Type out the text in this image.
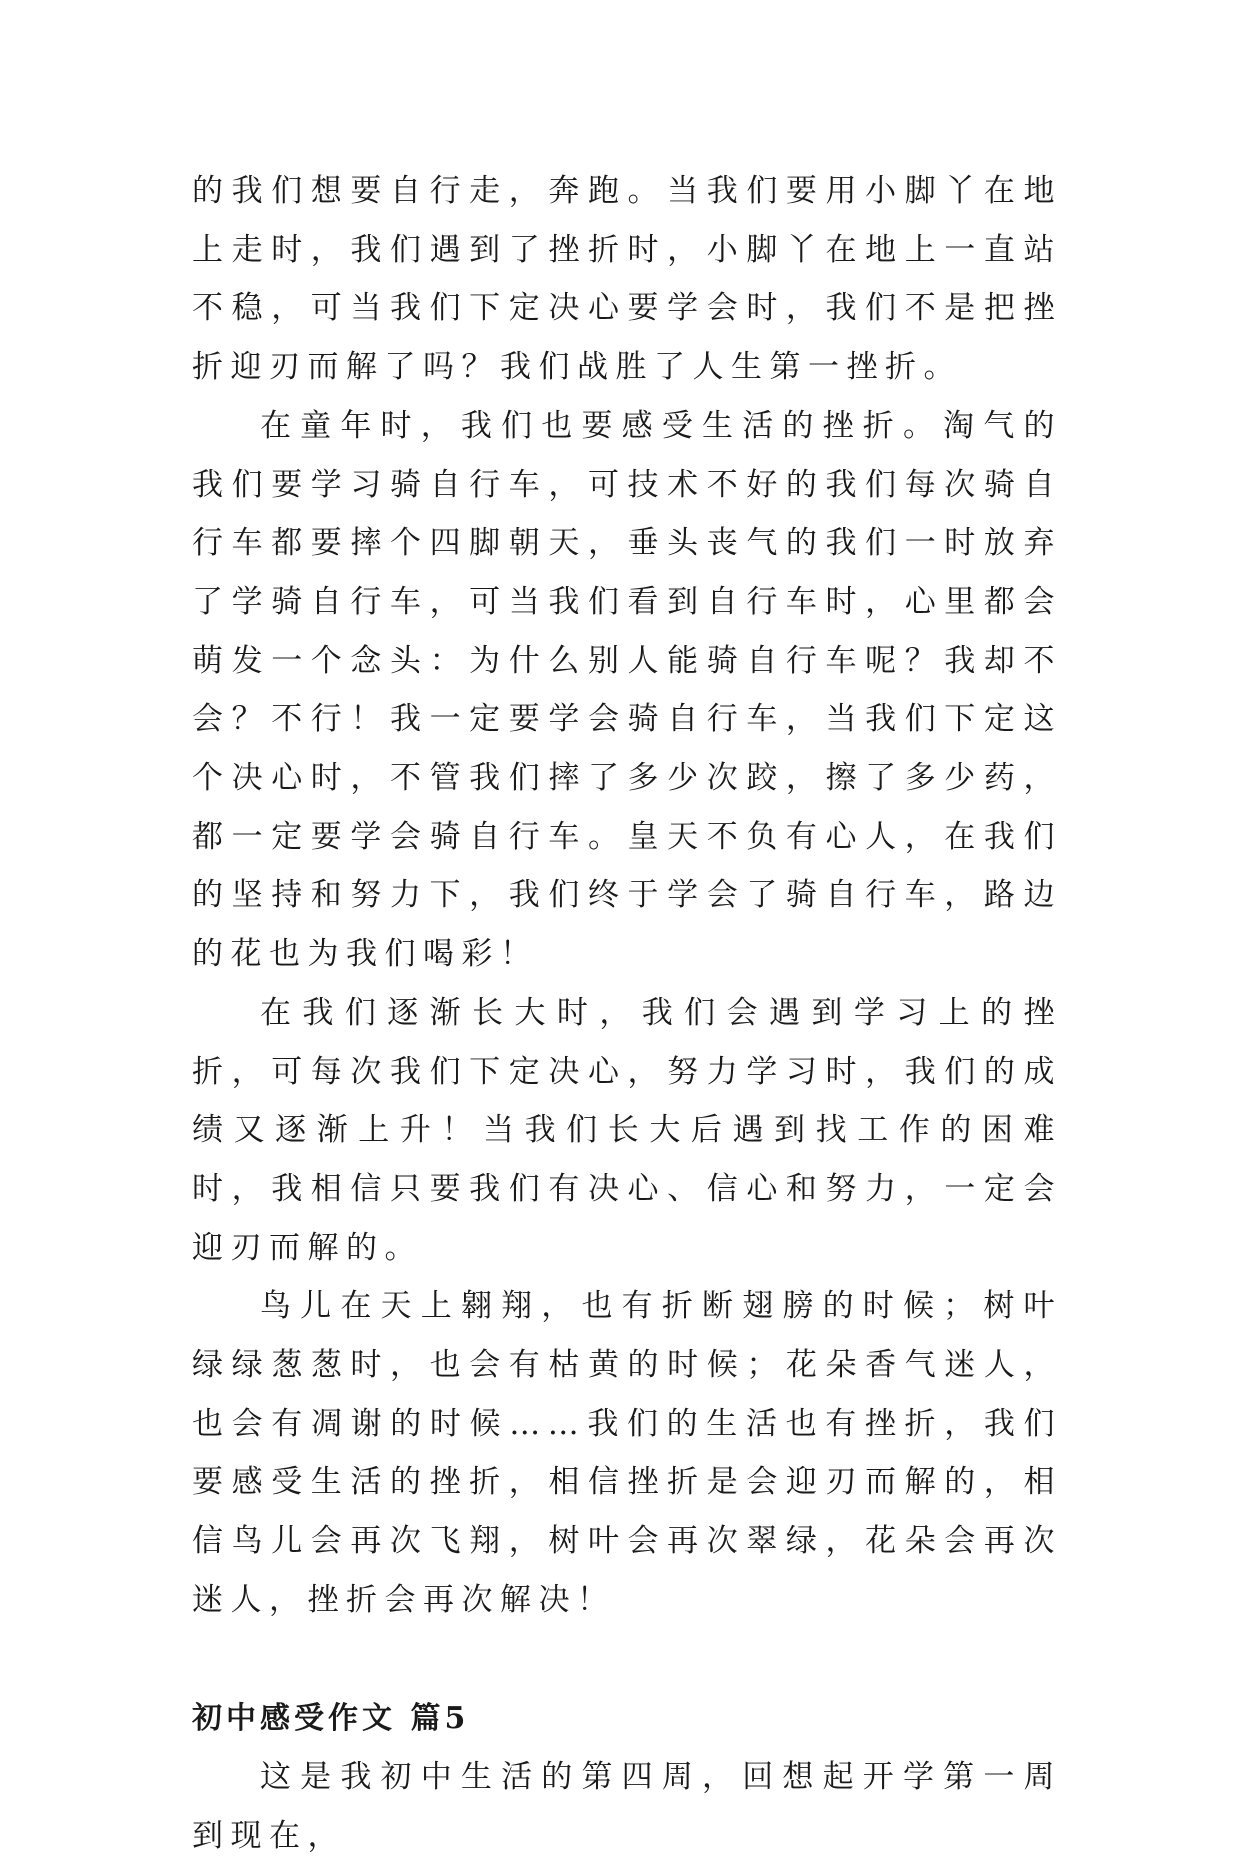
的我们想要自行走，奔跑。当我们要用小脚丫在地上走时，我们遇到了挫折时，小脚丫在地上一直站不稳，可当我们下定决心要学会时，我们不是把挫折迎刃而解了吗？我们战胜了人生第一挫折。

在童年时，我们也要感受生活的挫折。淘气的我们要学习骑自行车，可技术不好的我们每次骑自行车都要摔个四脚朝天，垂头丧气的我们一时放弃了学骑自行车，可当我们看到自行车时，心里都会萌发一个念头：为什么别人能骑自行车呢？我却不会？不行！我一定要学会骑自行车，当我们下定这个决心时，不管我们摔了多少次跤，擦了多少药，都一定要学会骑自行车。皇天不负有心人，在我们的坚持和努力下，我们终于学会了骑自行车，路边的花也为我们喝彩！

在我们逐渐长大时，我们会遇到学习上的挫折，可每次我们下定决心，努力学习时，我们的成绩又逐渐上升！当我们长大后遇到找工作的困难时，我相信只要我们有决心、信心和努力，一定会迎刃而解的。

鸟儿在天上翱翔，也有折断翅膀的时候；树叶绿绿葱葱时，也会有枯黄的时候；花朵香气迷人，也会有凋谢的时候……我们的生活也有挫折，我们要感受生活的挫折，相信挫折是会迎刃而解的，相信鸟儿会再次飞翔，树叶会再次翠绿，花朵会再次迷人，挫折会再次解决！

初中感受作文 篇5

这是我初中生活的第四周，回想起开学第一周到现在，
